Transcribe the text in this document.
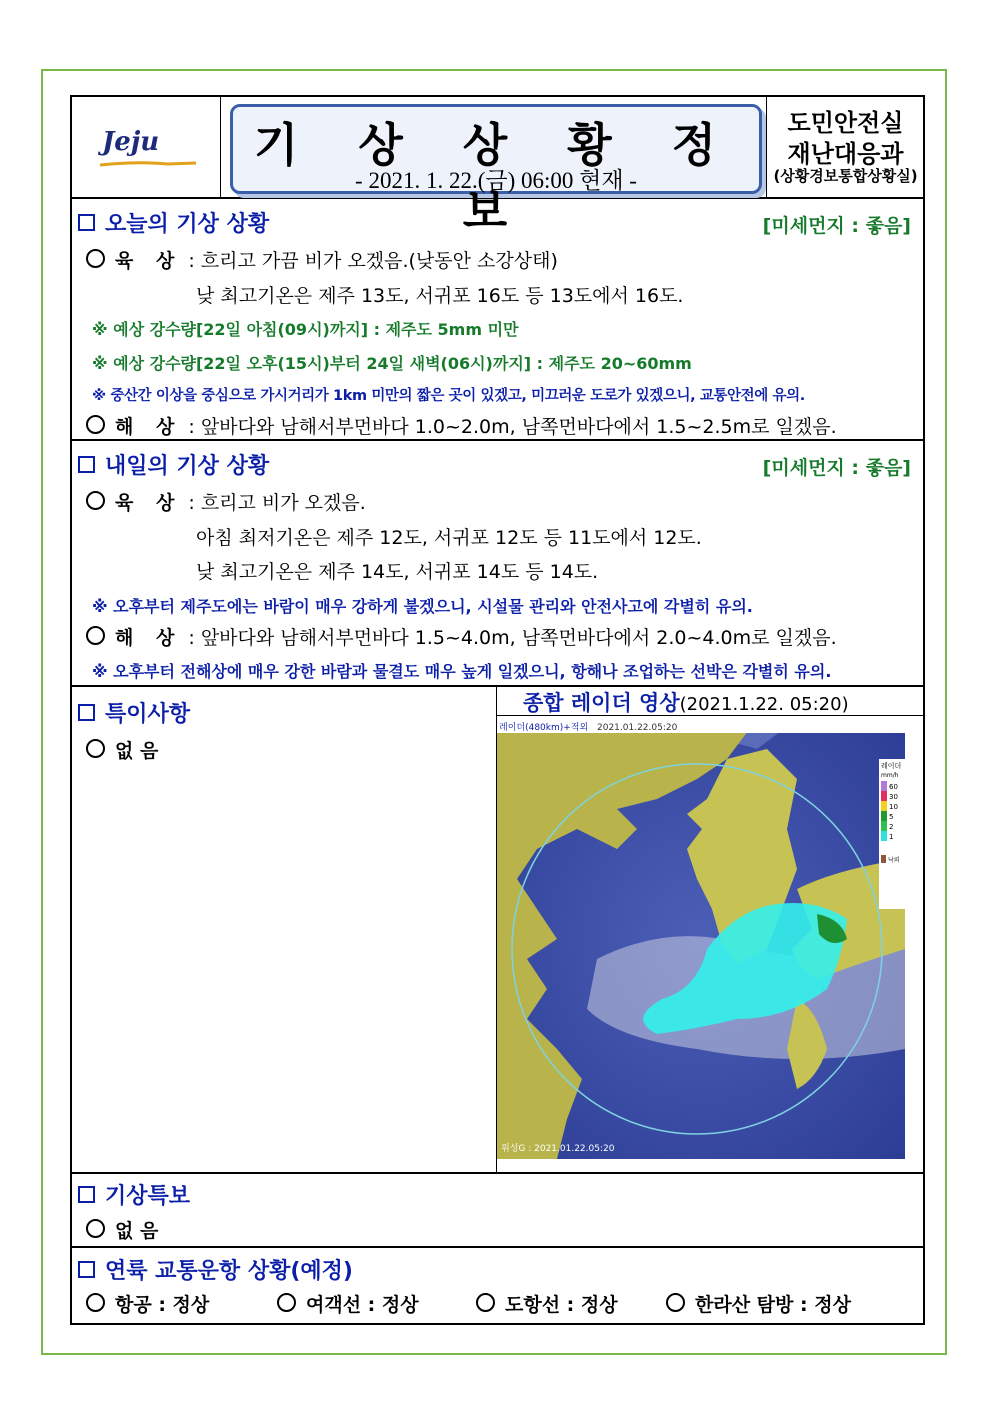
Jeju	기 상 상 황 정 보
- 2021. 1. 22.(금) 06:00 현재 -
도민안전실
재난대응과
(상황경보통합상황실)
오늘의 기상 상황	[미세먼지 : 좋음]
육 상 : 흐리고 가끔 비가 오겠음.(낮동안 소강상태)
낮 최고기온은 제주 13도, 서귀포 16도 등 13도에서 16도.
※ 예상 강수량[22일 아침(09시)까지] : 제주도 5mm 미만
※ 예상 강수량[22일 오후(15시)부터 24일 새벽(06시)까지] : 제주도 20~60mm
※ 중산간 이상을 중심으로 가시거리가 1km 미만의 짧은 곳이 있겠고, 미끄러운 도로가 있겠으니, 교통안전에 유의.
해 상 : 앞바다와 남해서부먼바다 1.0~2.0m, 남쪽먼바다에서 1.5~2.5m로 일겠음.
내일의 기상 상황	[미세먼지 : 좋음]
육 상 : 흐리고 비가 오겠음.
아침 최저기온은 제주 12도, 서귀포 12도 등 11도에서 12도.
낮 최고기온은 제주 14도, 서귀포 14도 등 14도.
※ 오후부터 제주도에는 바람이 매우 강하게 불겠으니, 시설물 관리와 안전사고에 각별히 유의.
해 상 : 앞바다와 남해서부먼바다 1.5~4.0m, 남쪽먼바다에서 2.0~4.0m로 일겠음.
※ 오후부터 전해상에 매우 강한 바람과 물결도 매우 높게 일겠으니, 항해나 조업하는 선박은 각별히 유의.
특이사항
없 음
종합 레이더 영상(2021.1.22. 05:20)
레이더(480km)+적외 2021.01.22.05:20
위성G : 2021.01.22.05:20
레이더
mm/h
60
30
10
5
2
1
낙뢰
기상특보
없 음
연륙 교통운항 상황(예정)
항공 : 정상	여객선 : 정상	도항선 : 정상	한라산 탐방 : 정상
